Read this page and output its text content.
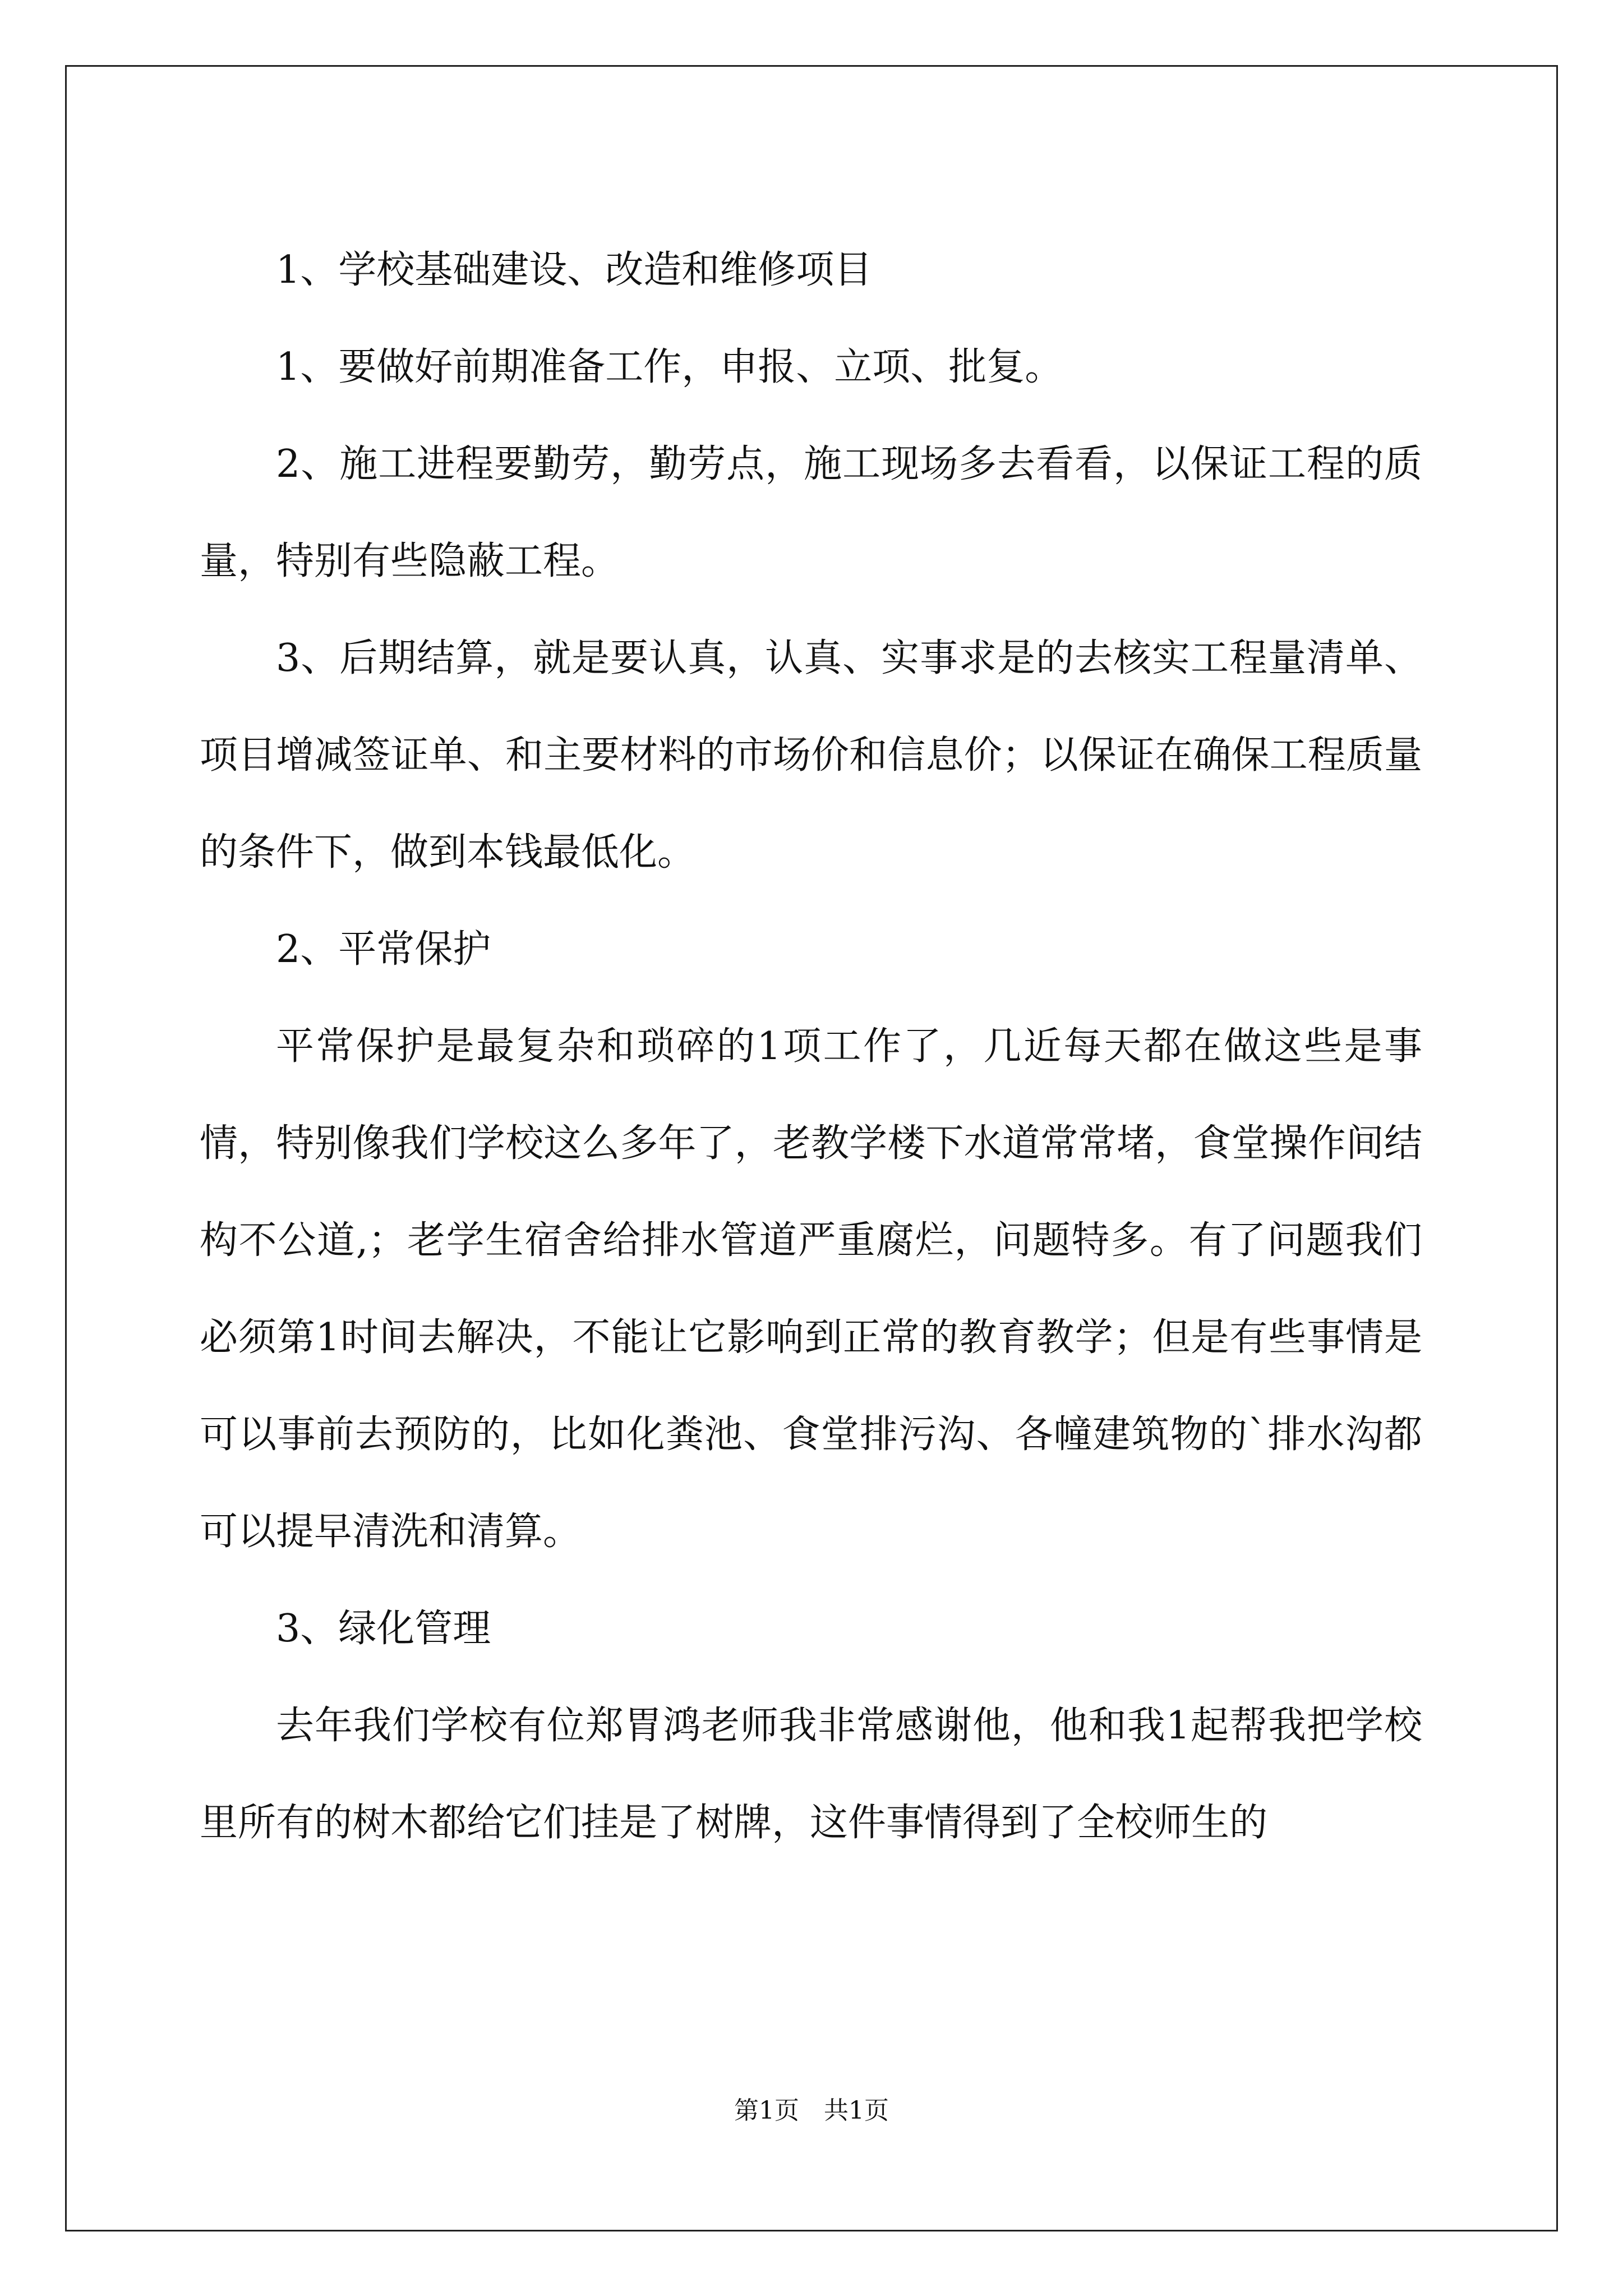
1、学校基础建设、改造和维修项目

1、要做好前期准备工作，申报、立项、批复。

2、施工进程要勤劳，勤劳点，施工现场多去看看，以保证工程的质量，特别有些隐蔽工程。

3、后期结算，就是要认真，认真、实事求是的去核实工程量清单、项目增减签证单、和主要材料的市场价和信息价；以保证在确保工程质量的条件下，做到本钱最低化。

2、平常保护

平常保护是最复杂和琐碎的1项工作了，几近每天都在做这些是事情，特别像我们学校这么多年了，老教学楼下水道常常堵，食堂操作间结构不公道,；老学生宿舍给排水管道严重腐烂，问题特多。有了问题我们必须第1时间去解决，不能让它影响到正常的教育教学；但是有些事情是可以事前去预防的，比如化粪池、食堂排污沟、各幢建筑物的`排水沟都可以提早清洗和清算。

3、绿化管理

去年我们学校有位郑胃鸿老师我非常感谢他，他和我1起帮我把学校里所有的树木都给它们挂是了树牌，这件事情得到了全校师生的

第1页　共1页
